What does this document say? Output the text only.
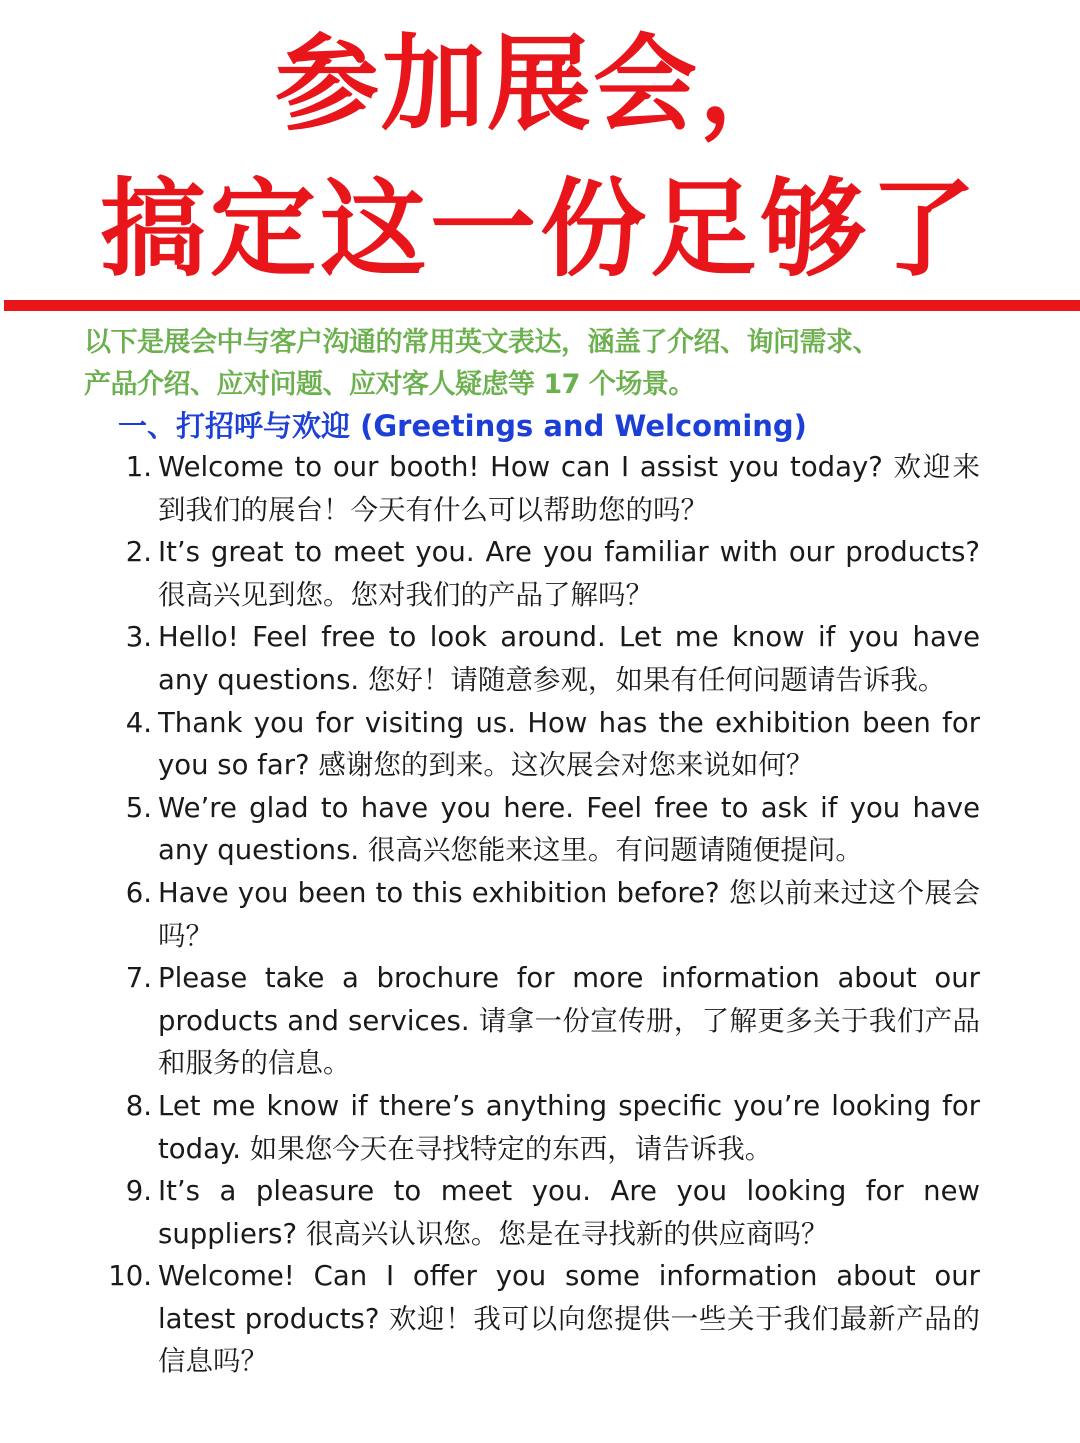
参加展会，
搞定这一份足够了
以下是展会中与客户沟通的常用英文表达，涵盖了介绍、询问需求、
产品介绍、应对问题、应对客人疑虑等 17 个场景。
一、打招呼与欢迎 (Greetings and Welcoming)
1. Welcome to our booth! How can I assist you today? 欢迎来到我们的展台！今天有什么可以帮助您的吗？
2. It’s great to meet you. Are you familiar with our products? 很高兴见到您。您对我们的产品了解吗？
3. Hello! Feel free to look around. Let me know if you have any questions. 您好！请随意参观，如果有任何问题请告诉我。
4. Thank you for visiting us. How has the exhibition been for you so far? 感谢您的到来。这次展会对您来说如何？
5. We’re glad to have you here. Feel free to ask if you have any questions. 很高兴您能来这里。有问题请随便提问。
6. Have you been to this exhibition before? 您以前来过这个展会吗？
7. Please take a brochure for more information about our products and services. 请拿一份宣传册，了解更多关于我们产品和服务的信息。
8. Let me know if there’s anything specific you’re looking for today. 如果您今天在寻找特定的东西，请告诉我。
9. It’s a pleasure to meet you. Are you looking for new suppliers? 很高兴认识您。您是在寻找新的供应商吗？
10. Welcome! Can I offer you some information about our latest products? 欢迎！我可以向您提供一些关于我们最新产品的信息吗？
